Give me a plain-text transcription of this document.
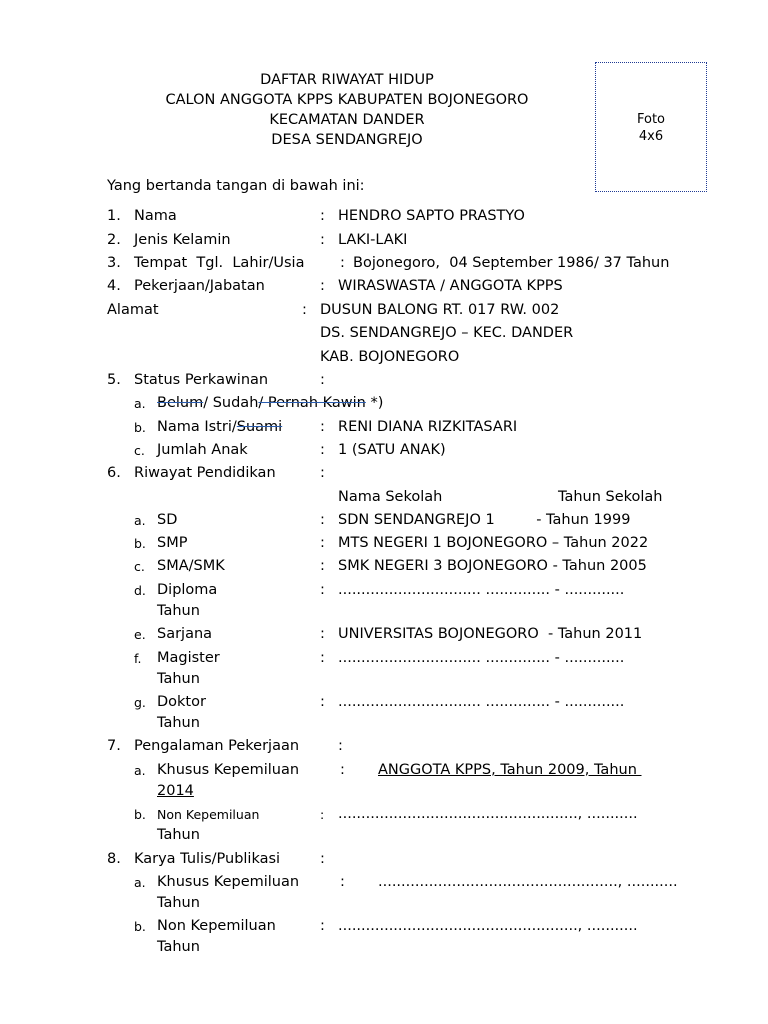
DAFTAR RIWAYAT HIDUP
CALON ANGGOTA KPPS KABUPATEN BOJONEGORO
KECAMATAN DANDER
DESA SENDANGREJO
Foto
4x6
Yang bertanda tangan di bawah ini:
1. Nama	: HENDRO SAPTO PRASTYO
2. Jenis Kelamin	: LAKI-LAKI
3. Tempat  Tgl.  Lahir/Usia : Bojonegoro,  04 September 1986/ 37 Tahun
4. Pekerjaan/Jabatan	: WIRASWASTA / ANGGOTA KPPS
Alamat	: DUSUN BALONG RT. 017 RW. 002
DS. SENDANGREJO – KEC. DANDER
KAB. BOJONEGORO
5. Status Perkawinan	:
a. Belum/ Sudah/ Pernah Kawin *)
b. Nama Istri/Suami	: RENI DIANA RIZKITASARI
c. Jumlah Anak	: 1 (SATU ANAK)
6. Riwayat Pendidikan	:
Nama Sekolah	Tahun Sekolah
a. SD	: SDN SENDANGREJO 1         - Tahun 1999
b. SMP	: MTS NEGERI 1 BOJONEGORO – Tahun 2022
c. SMA/SMK	: SMK NEGERI 3 BOJONEGORO - Tahun 2005
d. Diploma	: ............................... .............. - .............
Tahun
e. Sarjana	: UNIVERSITAS BOJONEGORO  - Tahun 2011
f. Magister	: ............................... .............. - .............
Tahun
g. Doktor	: ............................... .............. - .............
Tahun
7. Pengalaman Pekerjaan	:
a. Khusus Kepemiluan	: ANGGOTA KPPS, Tahun 2009, Tahun
2014
b. Non Kepemiluan	: ...................................................., ...........
Tahun
8. Karya Tulis/Publikasi	:
a. Khusus Kepemiluan	: ...................................................., ...........
Tahun
b. Non Kepemiluan	: ...................................................., ...........
Tahun
